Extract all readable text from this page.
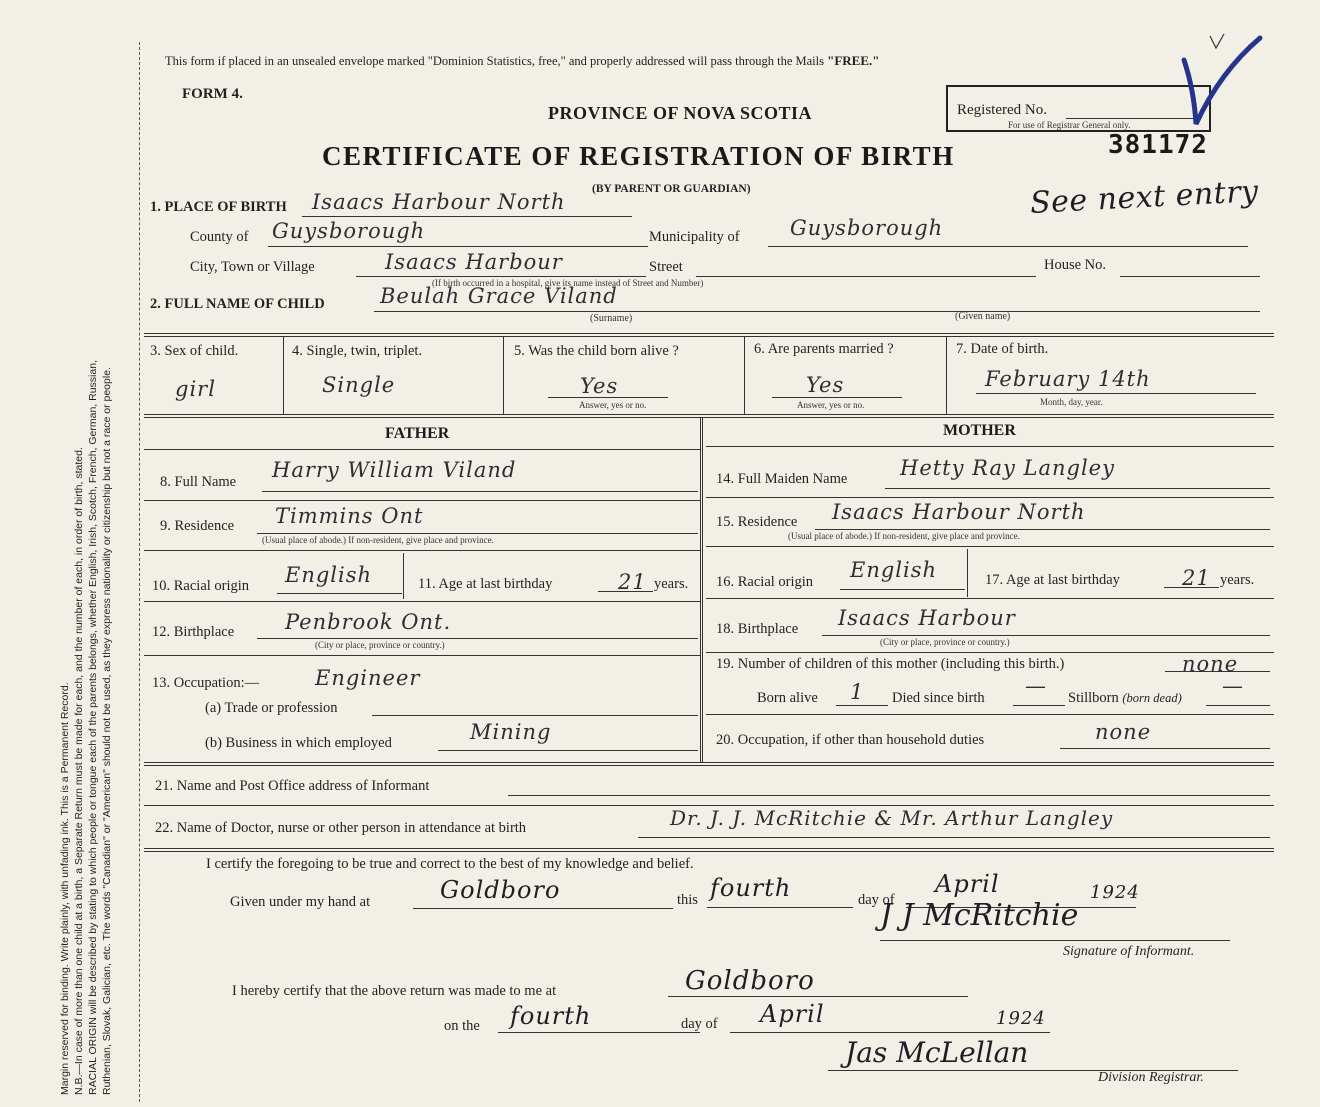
Margin reserved for binding. Write plainly, with unfading ink. This is a Permanent Record. N.B.—In case of more than one child at a birth, a Separate Return must be made for each, and the number of each, in order of birth, stated. RACIAL ORIGIN will be described by stating to which people or tongue each of the parents belongs, whether English, Irish, Scotch, French, German, Russian, Ruthenian, Slovak, Galician, etc. The words "Canadian" or "American" should not be used, as they express nationality or citizenship but not a race or people.
This form if placed in an unsealed envelope marked "Dominion Statistics, free," and properly addressed will pass through the Mails "FREE."
FORM 4.
PROVINCE OF NOVA SCOTIA	Registered No.
For use of Registrar General only.
CERTIFICATE OF REGISTRATION OF BIRTH	381172
(BY PARENT OR GUARDIAN)	See next entry
1. PLACE OF BIRTH Isaacs Harbour North
County of Guysborough	Municipality of Guysborough
City, Town or Village	Isaacs Harbour	Street	House No.
(If birth occurred in a hospital, give its name instead of Street and Number)
2. FULL NAME OF CHILD	Beulah Grace Viland
(Surname)	(Given name)
3. Sex of child.
girl
4. Single, twin, triplet.
Single
5. Was the child born alive ?
Yes
Answer, yes or no.
6. Are parents married ?
Yes
Answer, yes or no.
7. Date of birth.
February 14th
Month, day, year.
FATHER	MOTHER
8. Full Name Harry William Viland
9. Residence Timmins Ont
(Usual place of abode.) If non-resident, give place and province.
10. Racial origin English	11. Age at last birthday	21 years.
12. Birthplace Penbrook Ont.
(City or place, province or country.)
13. Occupation:—	Engineer
(a) Trade or profession
(b) Business in which employed	Mining
14. Full Maiden Name	Hetty Ray Langley
15. Residence Isaacs Harbour North
(Usual place of abode.) If non-resident, give place and province.
16. Racial origin English	17. Age at last birthday	21 years.
18. Birthplace Isaacs Harbour
(City or place, province or country.)
19. Number of children of this mother (including this birth.)	none
Born alive 1 Died since birth — Stillborn (born dead) —
20. Occupation, if other than household duties	none
21. Name and Post Office address of Informant
22. Name of Doctor, nurse or other person in attendance at birth	Dr. J. J. McRitchie & Mr. Arthur Langley
I certify the foregoing to be true and correct to the best of my knowledge and belief.
Given under my hand at	Goldboro	this fourth	day of
April	1924
J J McRitchie
Signature of Informant.
I hereby certify that the above return was made to me at	Goldboro
on the fourth	day of April	1924
Jas McLellan
Division Registrar.
